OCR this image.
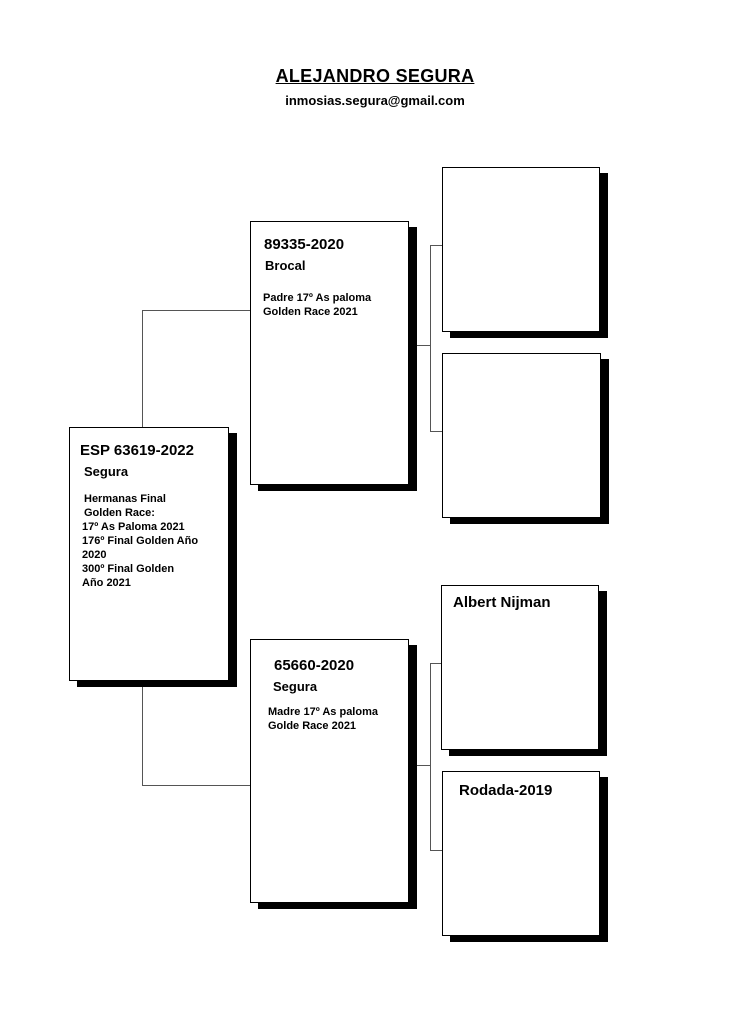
ALEJANDRO SEGURA
inmosias.segura@gmail.com
ESP 63619-2022
Segura
Hermanas Final
Golden Race:
17º As Paloma 2021
176º Final Golden Año
2020
300º Final Golden
Año 2021
89335-2020
Brocal
Padre 17º As paloma
Golden Race 2021
65660-2020
Segura
Madre 17º As paloma
Golde Race 2021
Albert Nijman
Rodada-2019
